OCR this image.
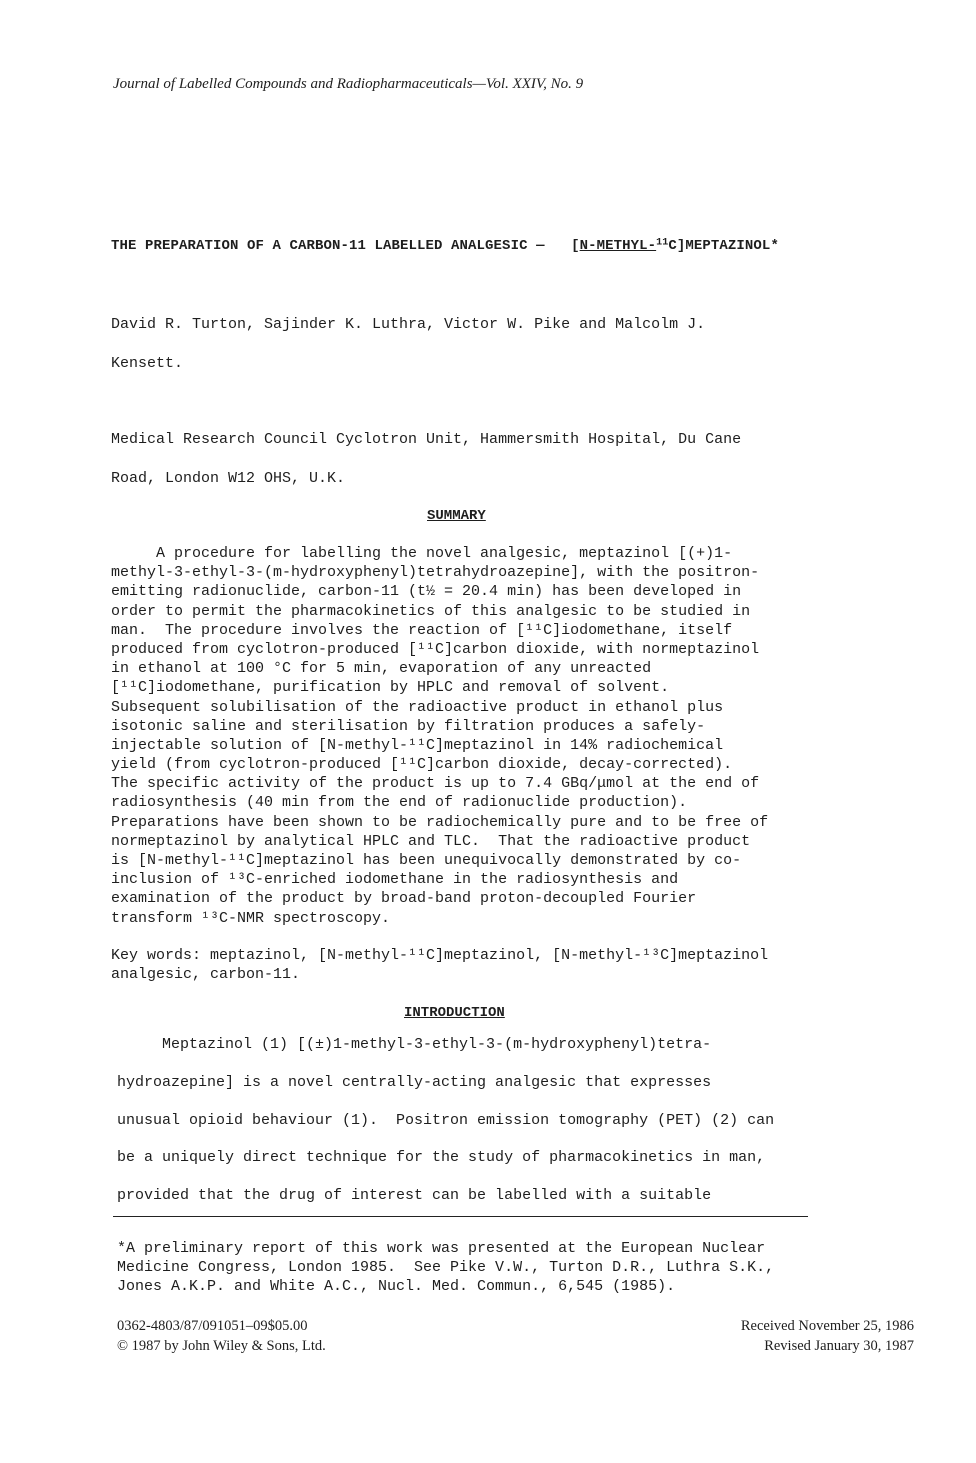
Journal of Labelled Compounds and Radiopharmaceuticals—Vol. XXIV, No. 9
THE PREPARATION OF A CARBON-11 LABELLED ANALGESIC — [N-METHYL-$^{11}$C]MEPTAZINOL*
David R. Turton, Sajinder K. Luthra, Victor W. Pike and Malcolm J.
Kensett.
Medical Research Council Cyclotron Unit, Hammersmith Hospital, Du Cane
Road, London W12 OHS, U.K.
SUMMARY
A procedure for labelling the novel analgesic, meptazinol [(+)1-
methyl-3-ethyl-3-(m-hydroxyphenyl)tetrahydroazepine], with the positron-
emitting radionuclide, carbon-11 (t½ = 20.4 min) has been developed in
order to permit the pharmacokinetics of this analgesic to be studied in
man.  The procedure involves the reaction of [¹¹C]iodomethane, itself
produced from cyclotron-produced [¹¹C]carbon dioxide, with normeptazinol
in ethanol at 100 °C for 5 min, evaporation of any unreacted
[¹¹C]iodomethane, purification by HPLC and removal of solvent.
Subsequent solubilisation of the radioactive product in ethanol plus
isotonic saline and sterilisation by filtration produces a safely-
injectable solution of [N-methyl-¹¹C]meptazinol in 14% radiochemical
yield (from cyclotron-produced [¹¹C]carbon dioxide, decay-corrected).
The specific activity of the product is up to 7.4 GBq/μmol at the end of
radiosynthesis (40 min from the end of radionuclide production).
Preparations have been shown to be radiochemically pure and to be free of
normeptazinol by analytical HPLC and TLC.  That the radioactive product
is [N-methyl-¹¹C]meptazinol has been unequivocally demonstrated by co-
inclusion of ¹³C-enriched iodomethane in the radiosynthesis and
examination of the product by broad-band proton-decoupled Fourier
transform ¹³C-NMR spectroscopy.
Key words: meptazinol, [N-methyl-¹¹C]meptazinol, [N-methyl-¹³C]meptazinol
analgesic, carbon-11.
INTRODUCTION
Meptazinol (1) [(±)1-methyl-3-ethyl-3-(m-hydroxyphenyl)tetra-
hydroazepine] is a novel centrally-acting analgesic that expresses
unusual opioid behaviour (1).  Positron emission tomography (PET) (2) can
be a uniquely direct technique for the study of pharmacokinetics in man,
provided that the drug of interest can be labelled with a suitable
*A preliminary report of this work was presented at the European Nuclear
Medicine Congress, London 1985.  See Pike V.W., Turton D.R., Luthra S.K.,
Jones A.K.P. and White A.C., Nucl. Med. Commun., 6,545 (1985).
0362-4803/87/091051–09$05.00
© 1987 by John Wiley & Sons, Ltd.
Received November 25, 1986
Revised January 30, 1987
